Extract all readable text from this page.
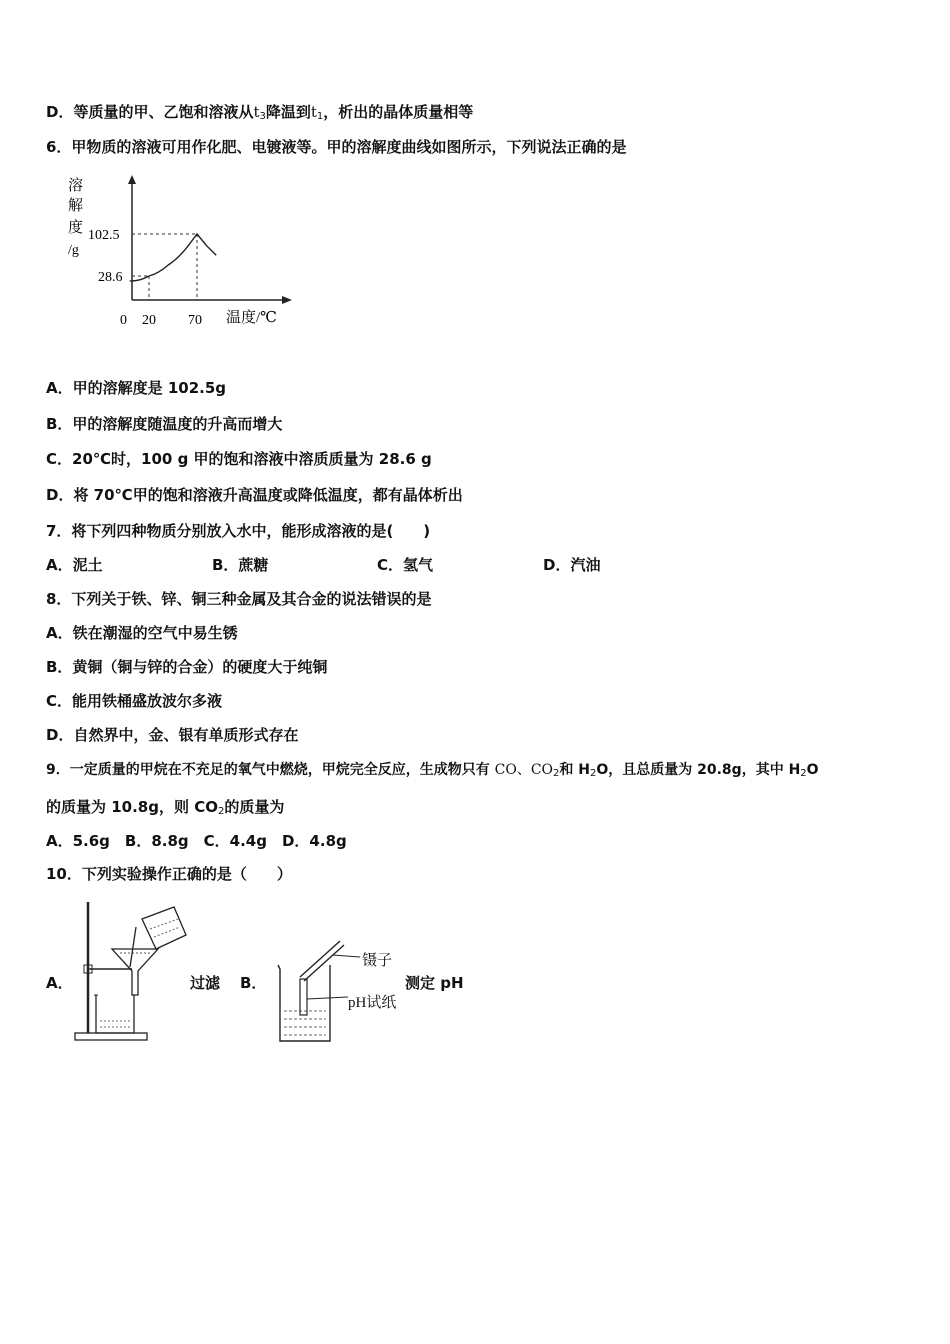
D．等质量的甲、乙饱和溶液从$t_3$降温到$t_1$，析出的晶体质量相等
6．甲物质的溶液可用作化肥、电镀液等。甲的溶解度曲线如图所示，下列说法正确的是
溶
解
度
/g
102.5
28.6
0 20 70 温度/℃
A．甲的溶解度是 102.5g
B．甲的溶解度随温度的升高而增大
C．20℃时，100 g 甲的饱和溶液中溶质质量为 28.6 g
D．将 70℃甲的饱和溶液升高温度或降低温度，都有晶体析出
7．将下列四种物质分别放入水中，能形成溶液的是(　　)
A．泥土	B．蔗糖	C．氢气	D．汽油
8．下列关于铁、锌、铜三种金属及其合金的说法错误的是
A．铁在潮湿的空气中易生锈
B．黄铜（铜与锌的合金）的硬度大于纯铜
C．能用铁桶盛放波尔多液
D．自然界中，金、银有单质形式存在
9．一定质量的甲烷在不充足的氧气中燃烧，甲烷完全反应，生成物只有 CO、$CO_2$和 $H_2O$，且总质量为 20.8g，其中 $H_2O$
的质量为 10.8g，则 $CO_2$的质量为
A．5.6g　B．8.8g　C．4.4g　D．4.8g
10．下列实验操作正确的是（　　）
A．	过滤 B．
镊子
pH试纸
测定 pH
